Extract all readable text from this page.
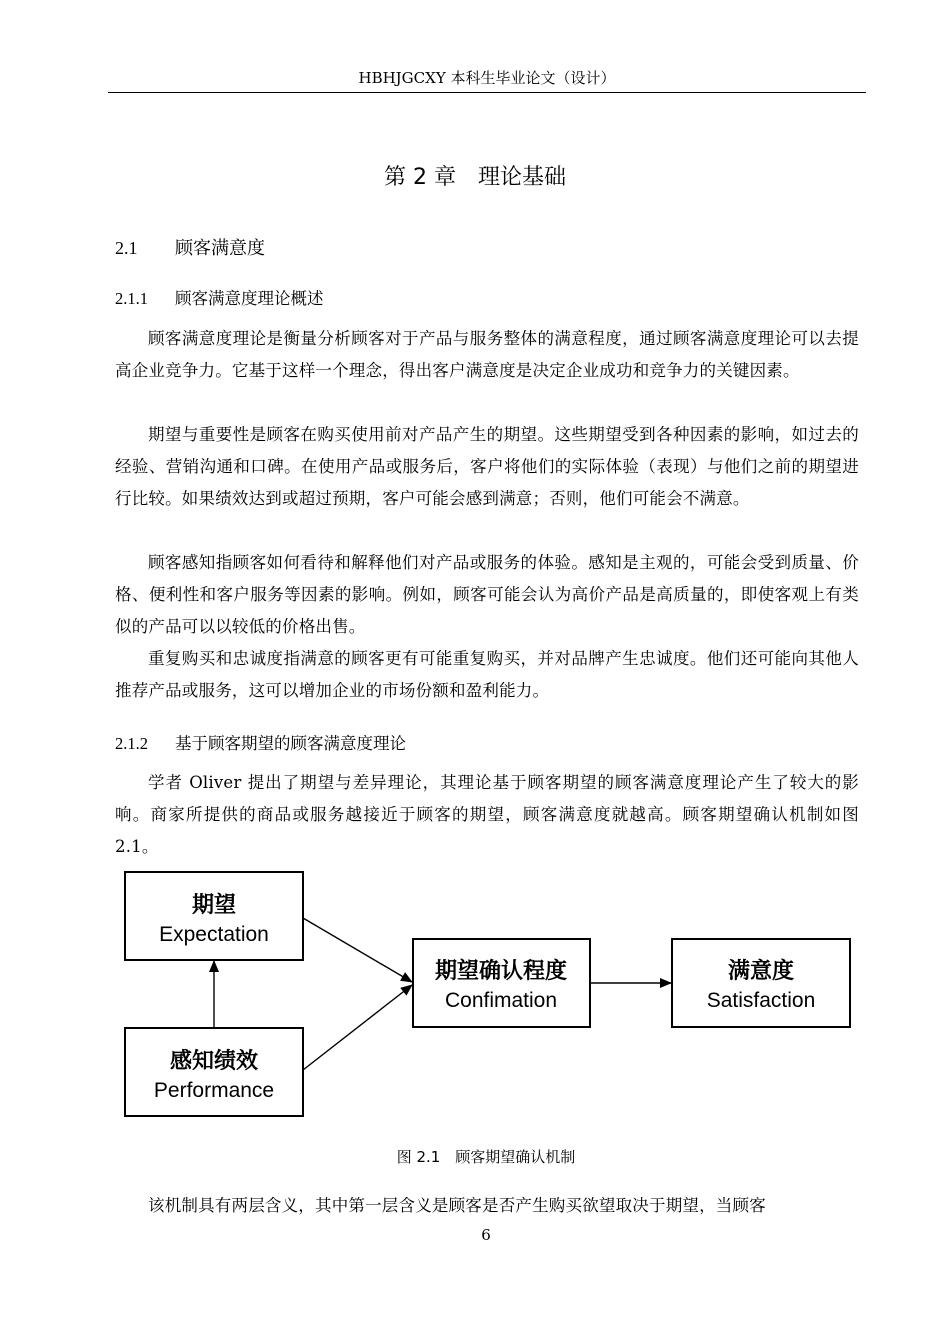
HBHJGCXY 本科生毕业论文（设计）
第 2 章　理论基础
2.1 顾客满意度
2.1.1 顾客满意度理论概述

顾客满意度理论是衡量分析顾客对于产品与服务整体的满意程度，通过顾客满意度理论可以去提高企业竞争力。它基于这样一个理念，得出客户满意度是决定企业成功和竞争力的关键因素。

期望与重要性是顾客在购买使用前对产品产生的期望。这些期望受到各种因素的影响，如过去的经验、营销沟通和口碑。在使用产品或服务后，客户将他们的实际体验（表现）与他们之前的期望进行比较。如果绩效达到或超过预期，客户可能会感到满意；否则，他们可能会不满意。

顾客感知指顾客如何看待和解释他们对产品或服务的体验。感知是主观的，可能会受到质量、价格、便利性和客户服务等因素的影响。例如，顾客可能会认为高价产品是高质量的，即使客观上有类似的产品可以以较低的价格出售。

重复购买和忠诚度指满意的顾客更有可能重复购买，并对品牌产生忠诚度。他们还可能向其他人推荐产品或服务，这可以增加企业的市场份额和盈利能力。

2.1.2 基于顾客期望的顾客满意度理论

学者 Oliver 提出了期望与差异理论，其理论基于顾客期望的顾客满意度理论产生了较大的影响。商家所提供的商品或服务越接近于顾客的期望，顾客满意度就越高。顾客期望确认机制如图 2.1。

期望
Expectation
感知绩效
Performance
期望确认程度
Confimation
满意度
Satisfaction
图 2.1　顾客期望确认机制

该机制具有两层含义，其中第一层含义是顾客是否产生购买欲望取决于期望，当顾客

6
